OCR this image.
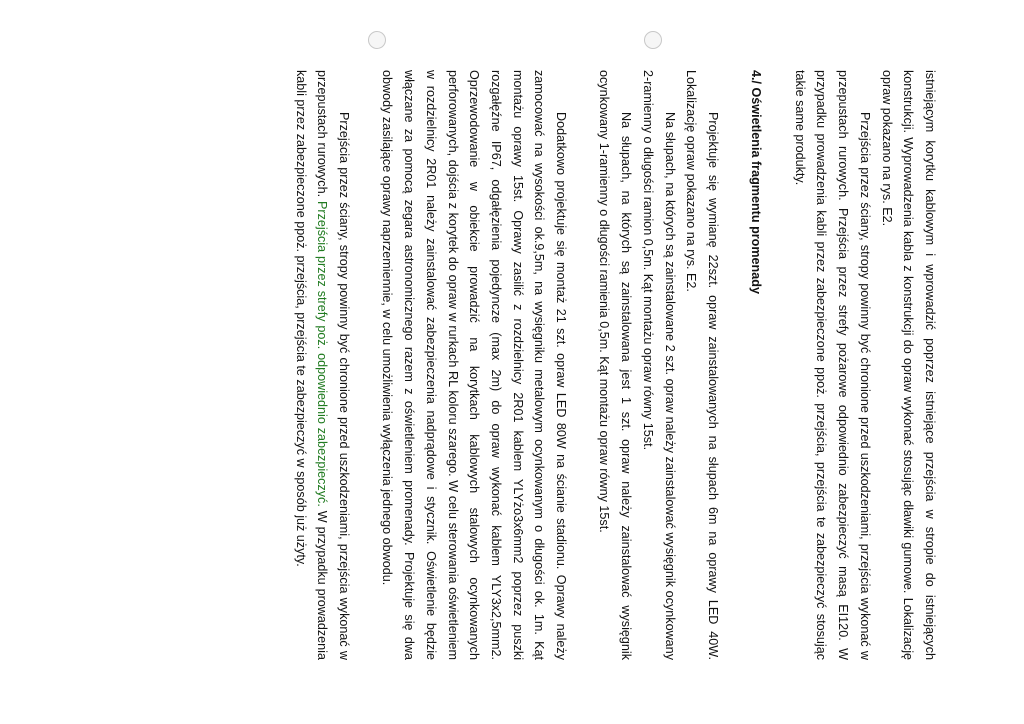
istniejącym korytku kablowym i wprowadzić poprzez istniejące przejścia w stropie do istniejących konstrukcji. Wyprowadzenia kabla z konstrukcji do opraw wykonać stosując dławiki gumowe. Lokalizację opraw pokazano na rys. E2.

Przejścia przez ściany, stropy powinny być chronione przed uszkodzeniami, przejścia wykonać w przepustach rurowych. Przejścia przez strefy pożarowe odpowiednio zabezpieczyć masą EI120. W przypadku prowadzenia kabli przez zabezpieczone ppoż. przejścia, przejścia te zabezpieczyć stosując takie same produkty.

4./ Oświetlenia fragmentu promenady

Projektuje się wymianę 22szt. opraw zainstalowanych na słupach 6m na oprawy LED 40W. Lokalizację opraw pokazano na rys. E2.

Na słupach, na których są zainstalowane 2 szt. opraw należy zainstalować wysięgnik ocynkowany 2-ramienny o długości ramion 0,5m. Kąt montażu opraw równy 15st.

Na słupach, na których są zainstalowana jest 1 szt. opraw należy zainstalować wysięgnik ocynkowany 1-ramienny o długości ramienia 0,5m. Kąt montażu opraw równy 15st.

Dodatkowo projektuje się montaż 21 szt. opraw LED 80W na ścianie stadionu. Oprawy należy zamocować na wysokości ok.9,5m, na wysięgniku metalowym ocynkowanym o długości ok. 1m. Kąt montażu oprawy 15st. Oprawy zasilić z rozdzielnicy 2R01 kablem YLYżo3x6mm2 poprzez puszki rozgałęźne IP67, odgałęzienia pojedyncze (max 2m) do opraw wykonać kablem YLY3x2,5mm2. Oprzewodowanie w obiekcie prowadzić na korytkach kablowych stalowych ocynkowanych perforowanych, dojścia z korytek do opraw w rurkach RL koloru szarego. W celu sterowania oświetleniem w rozdzielnicy 2R01 należy zainstalować zabezpieczenia nadprądowe i stycznik. Oświetlenie będzie włączane za pomocą zegara astronomicznego razem z oświetleniem promenady. Projektuje się dwa obwody zasilające oprawy naprzemiennie, w celu umożliwienia wyłączenia jednego obwodu.

Przejścia przez ściany, stropy powinny być chronione przed uszkodzeniami, przejścia wykonać w przepustach rurowych. Przejścia przez strefy poż. odpowiednio zabezpieczyć. W przypadku prowadzenia kabli przez zabezpieczone ppoż. przejścia, przejścia te zabezpieczyć w sposób już użyty.
